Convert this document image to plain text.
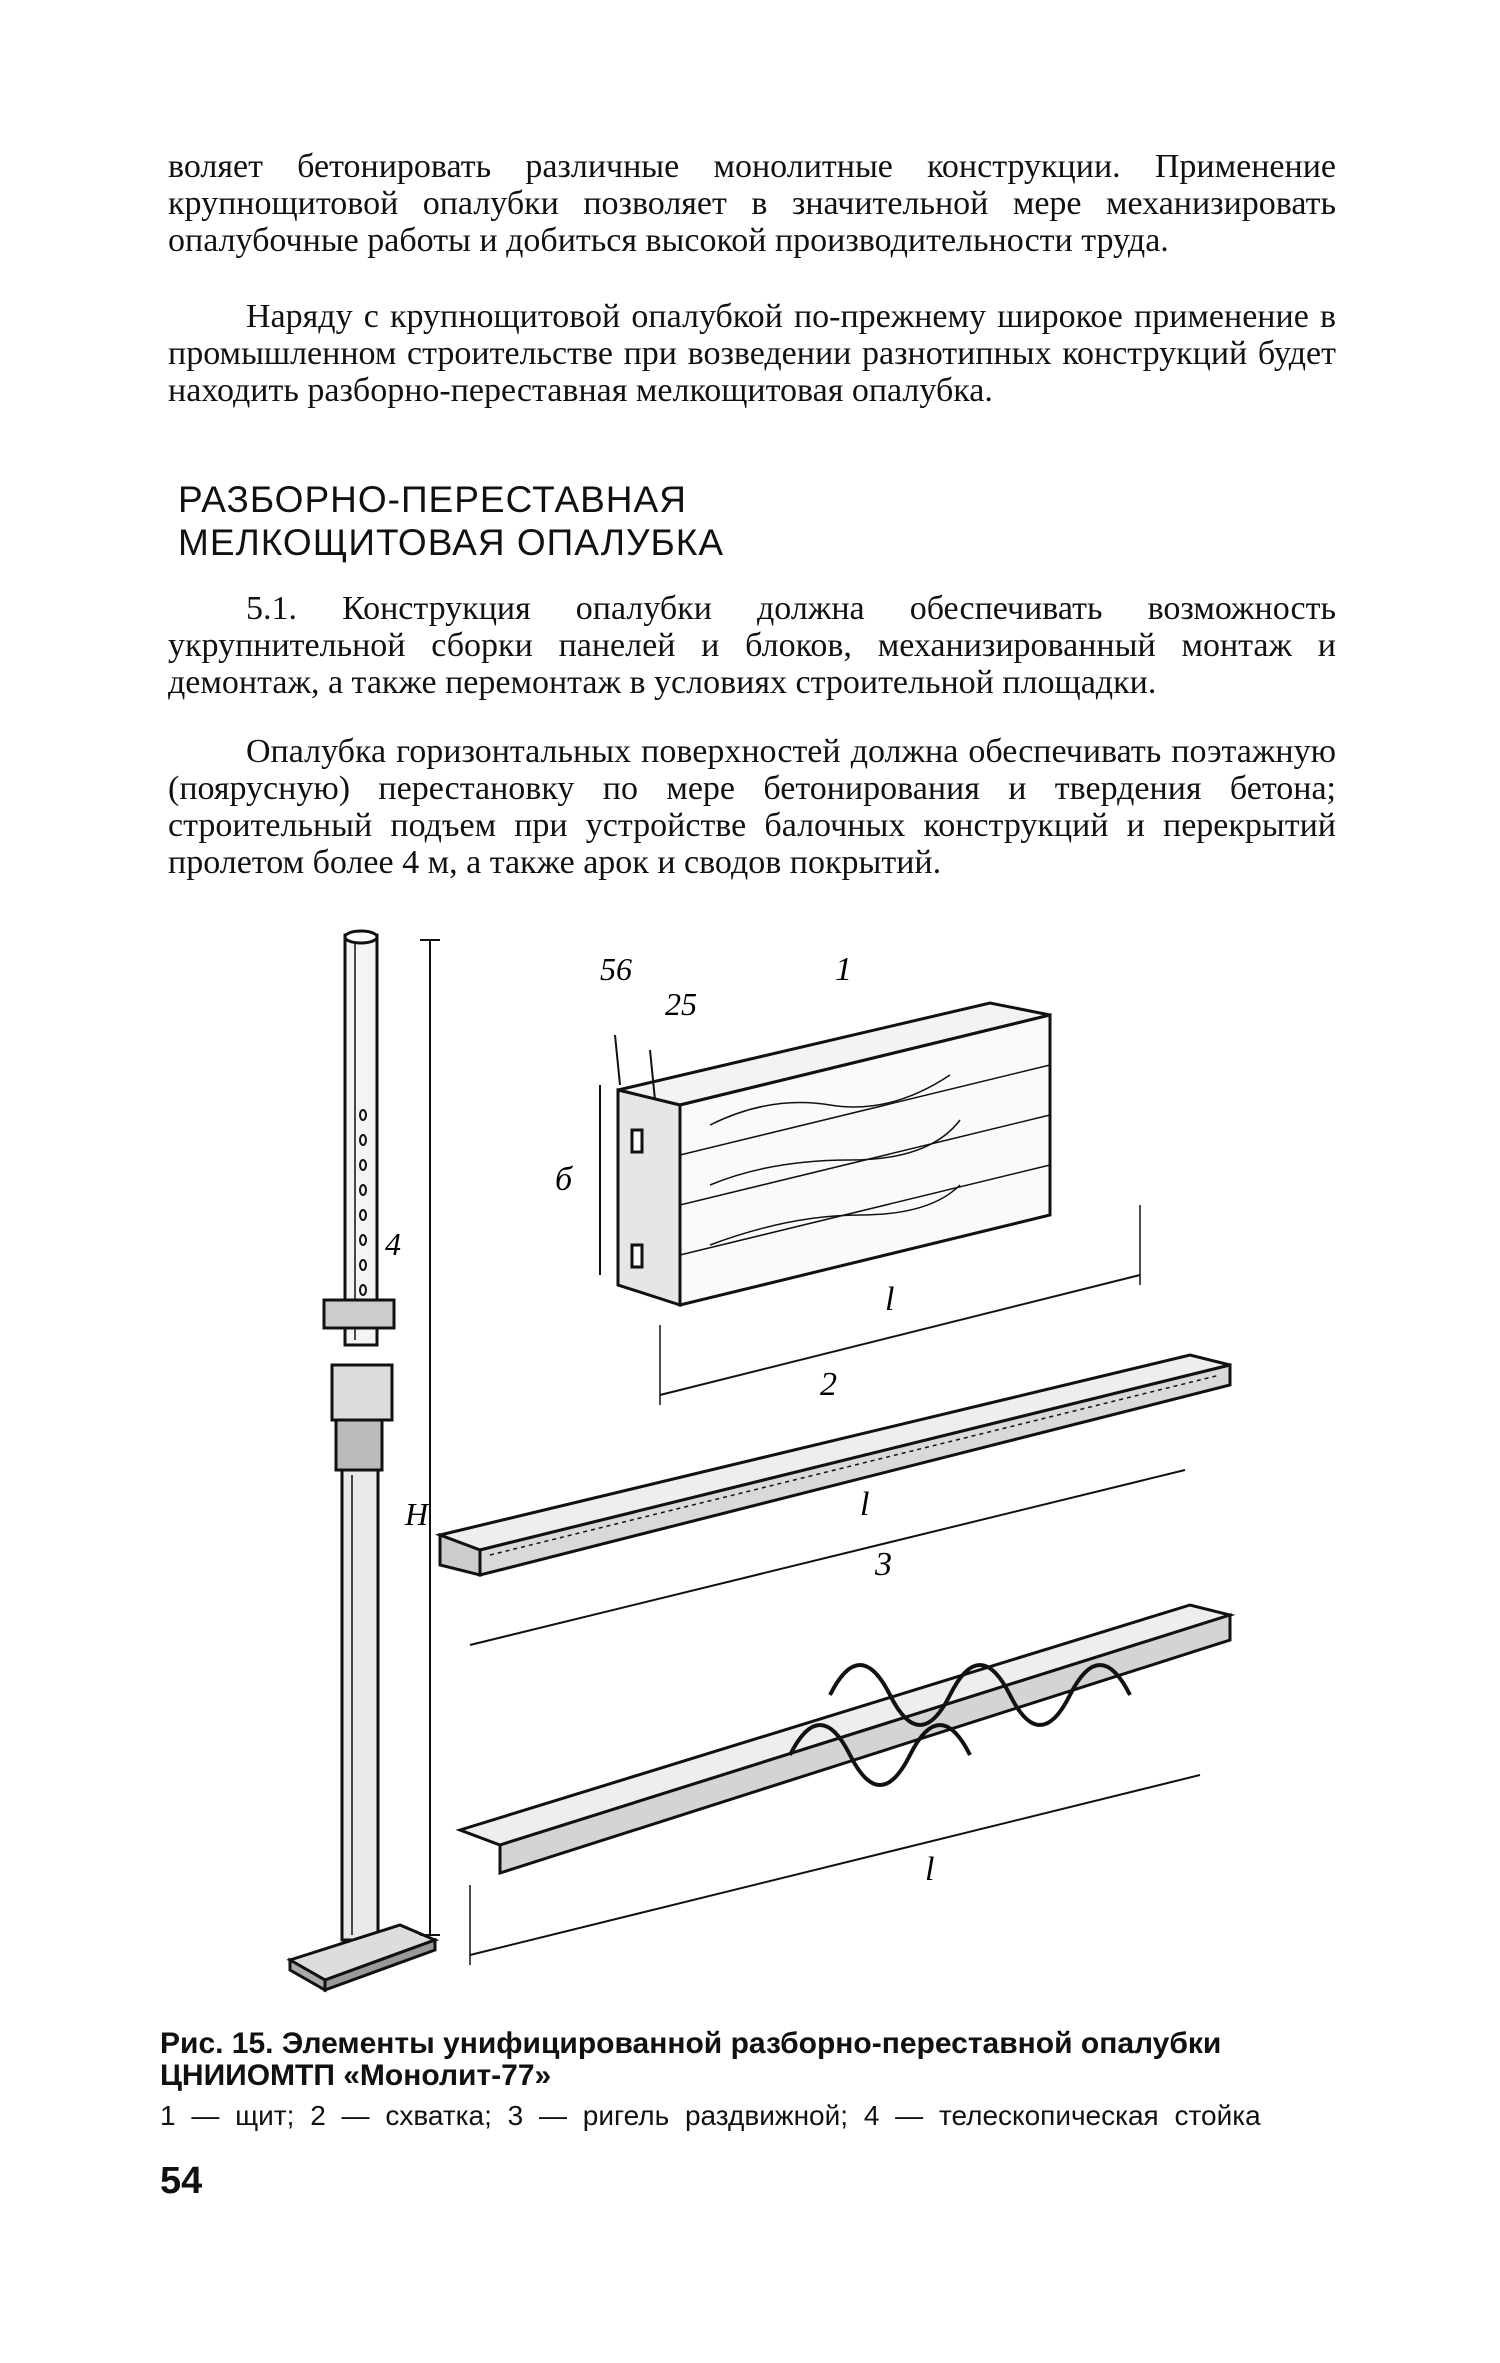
воляет бетонировать различные монолитные конструкции. Применение крупнощитовой опалубки позволяет в значительной мере механизировать опалубочные работы и добиться высокой производительности труда.

Наряду с крупнощитовой опалубкой по-прежнему широкое применение в промышленном строительстве при возведении разнотипных конструкций будет находить разборно-переставная мелкощитовая опалубка.

РАЗБОРНО-ПЕРЕСТАВНАЯ
МЕЛКОЩИТОВАЯ ОПАЛУБКА

5.1. Конструкция опалубки должна обеспечивать возможность укрупнительной сборки панелей и блоков, механизированный монтаж и демонтаж, а также перемонтаж в условиях строительной площадки.

Опалубка горизонтальных поверхностей должна обеспечивать поэтажную (поярусную) перестановку по мере бетонирования и твердения бетона; строительный подъем при устройстве балочных конструкций и перекрытий пролетом более 4 м, а также арок и сводов покрытий.

56
25
1
б
l
2
l
3
l
4
H

Рис. 15. Элементы унифицированной разборно-переставной опалубки

ЦНИИОМТП «Монолит-77»

1 — щит; 2 — схватка; 3 — ригель раздвижной; 4 — телескопическая стойка

54
